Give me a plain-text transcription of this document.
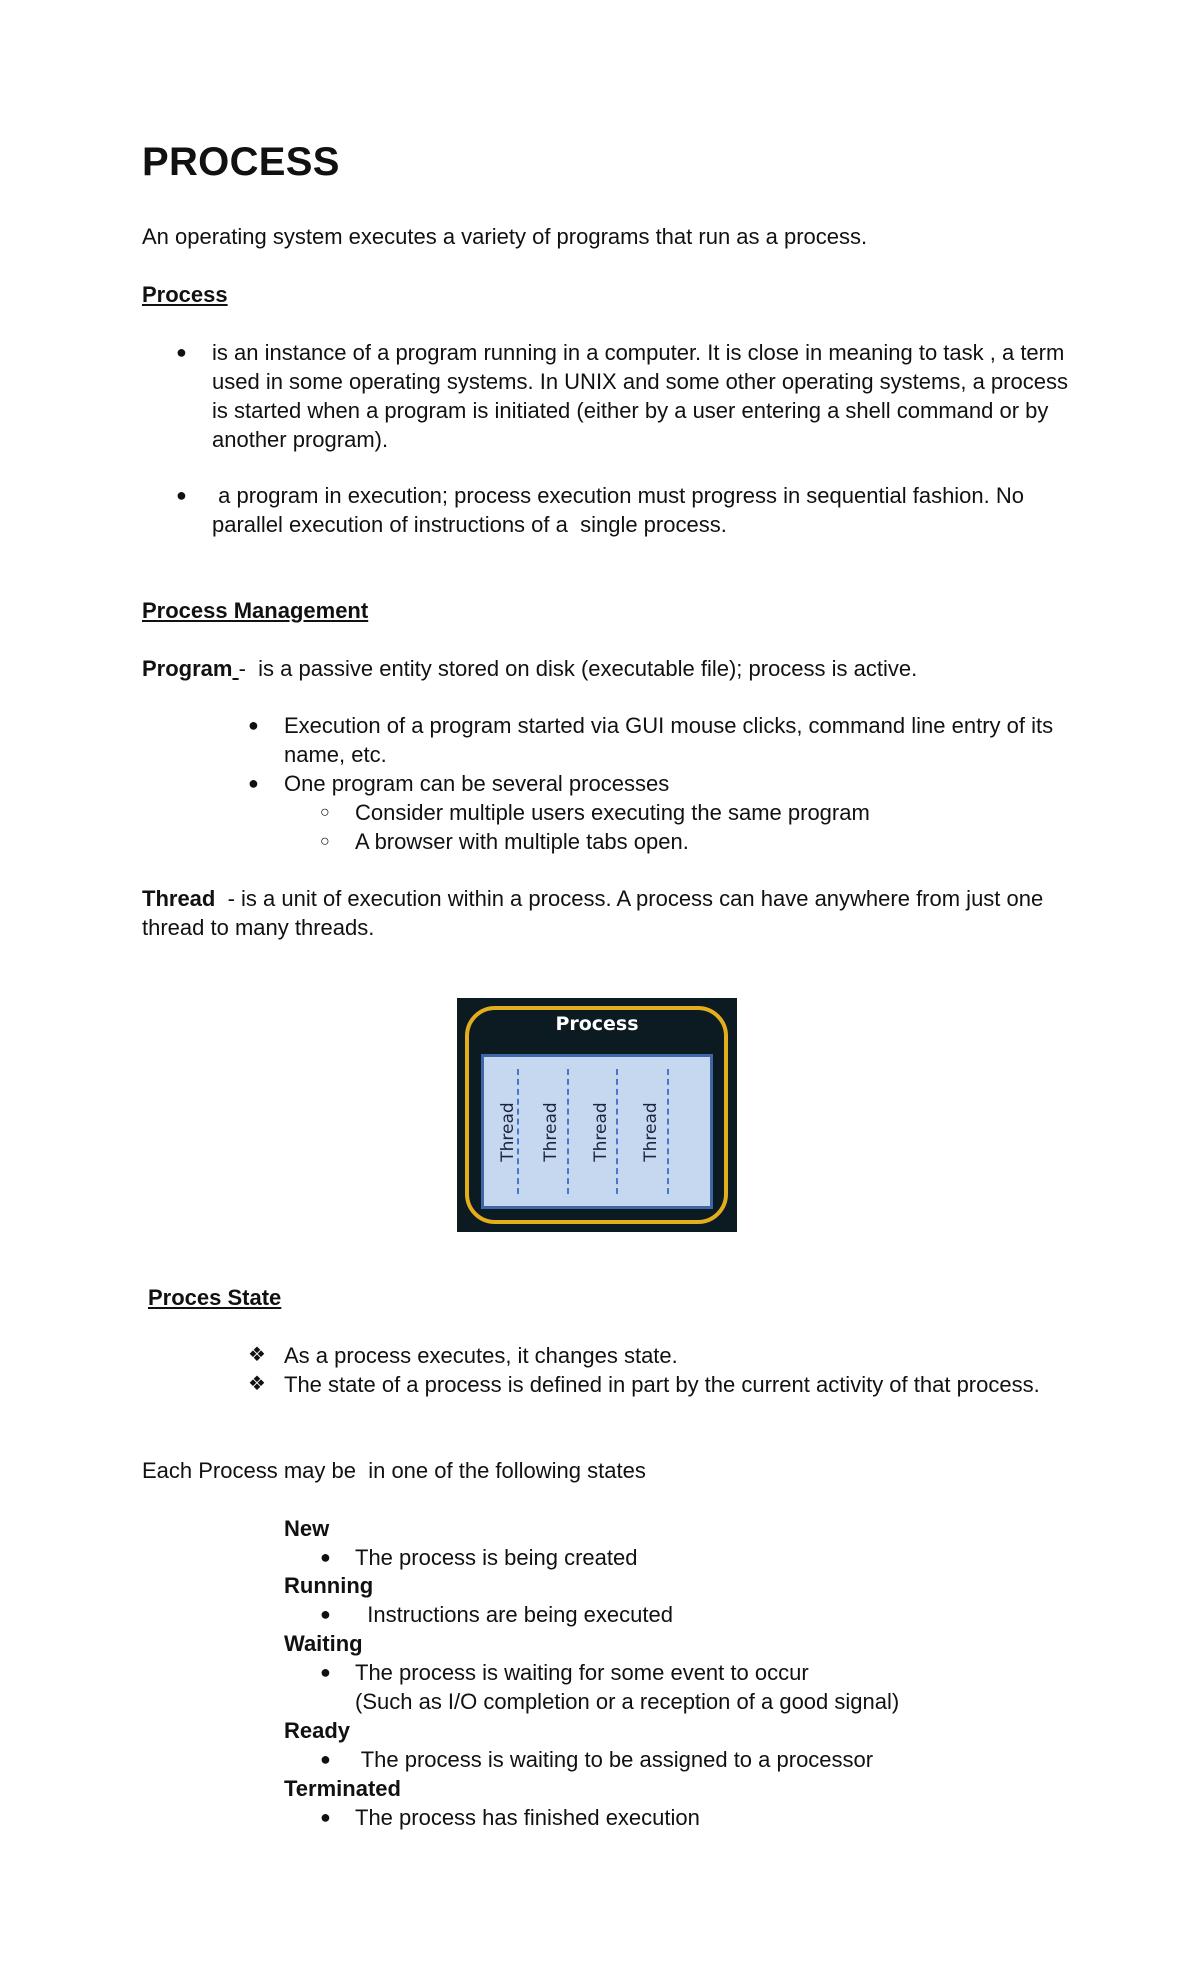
PROCESS
An operating system executes a variety of programs that run as a process.
Process
● is an instance of a program running in a computer. It is close in meaning to task , a term used in some operating systems. In UNIX and some other operating systems, a process is started when a program is initiated (either by a user entering a shell command or by another program).
● a program in execution; process execution must progress in sequential fashion. No parallel execution of instructions of a  single process.
Process Management
Program -  is a passive entity stored on disk (executable file); process is active.
● Execution of a program started via GUI mouse clicks, command line entry of its name, etc.
● One program can be several processes
○ Consider multiple users executing the same program
○ A browser with multiple tabs open.
Thread  - is a unit of execution within a process. A process can have anywhere from just one thread to many threads.
Process
Thread Thread Thread Thread
Proces State
❖ As a process executes, it changes state.
❖ The state of a process is defined in part by the current activity of that process.
Each Process may be  in one of the following states
New
● The process is being created
Running
● Instructions are being executed
Waiting
● The process is waiting for some event to occur
(Such as I/O completion or a reception of a good signal)
Ready
● The process is waiting to be assigned to a processor
Terminated
● The process has finished execution
